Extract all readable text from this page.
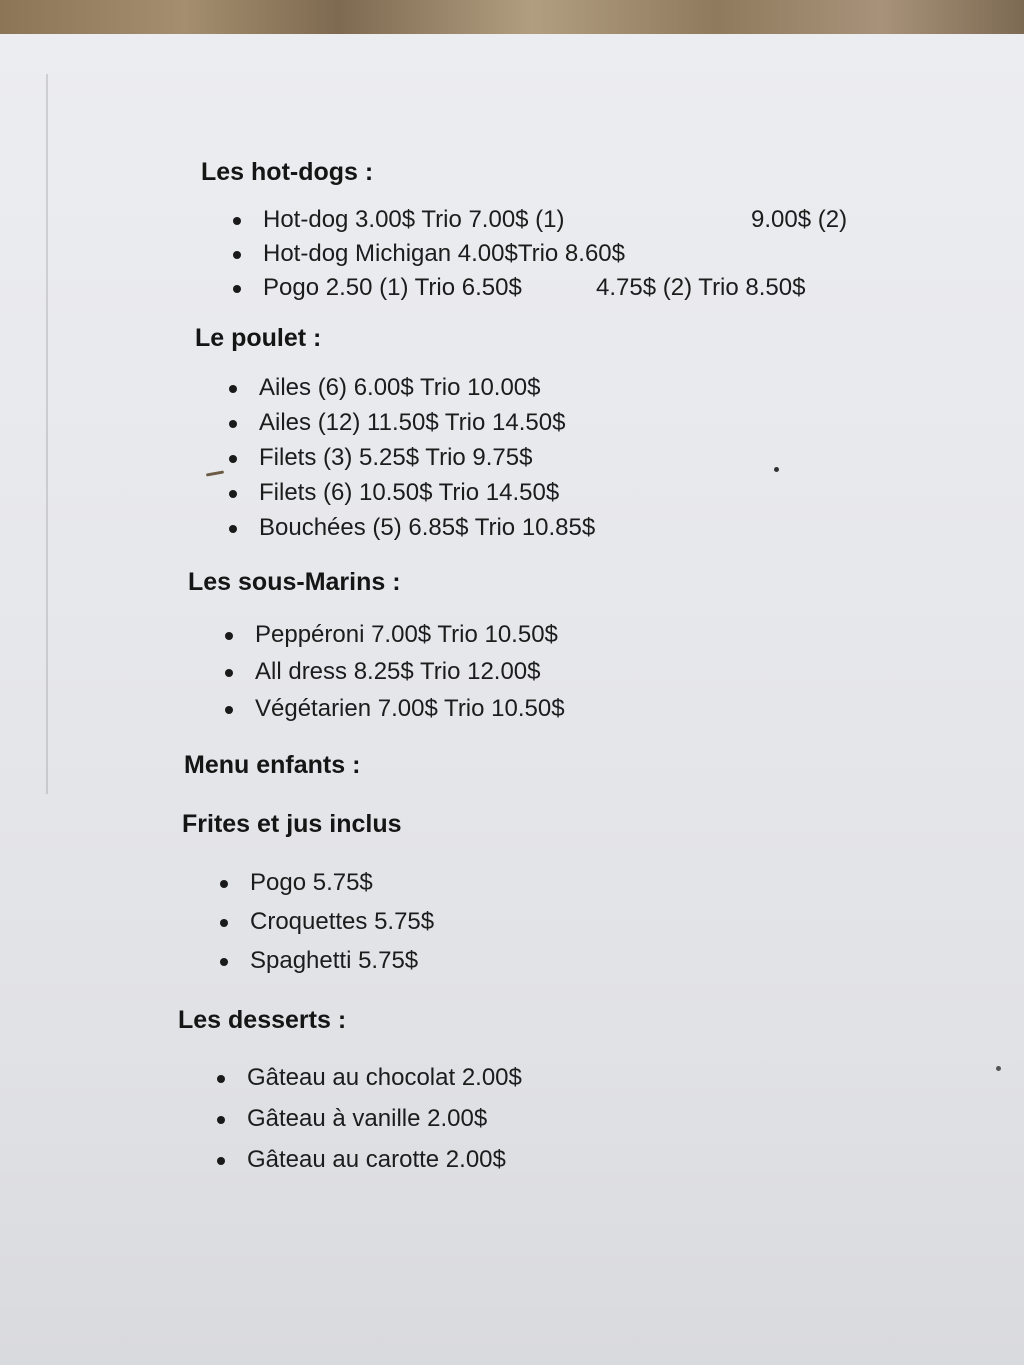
Les hot-dogs :
Hot-dog 3.00$ Trio 7.00$ (1)	9.00$ (2)
Hot-dog Michigan 4.00$Trio 8.60$
Pogo 2.50 (1) Trio 6.50$	4.75$ (2) Trio 8.50$
Le poulet :
Ailes (6) 6.00$ Trio 10.00$
Ailes (12) 11.50$ Trio 14.50$
Filets (3) 5.25$ Trio 9.75$
Filets (6) 10.50$ Trio 14.50$
Bouchées (5) 6.85$ Trio 10.85$
Les sous-Marins :
Peppéroni 7.00$ Trio 10.50$
All dress 8.25$ Trio 12.00$
Végétarien 7.00$ Trio 10.50$
Menu enfants :
Frites et jus inclus
Pogo 5.75$
Croquettes 5.75$
Spaghetti 5.75$
Les desserts :
Gâteau au chocolat 2.00$
Gâteau à vanille 2.00$
Gâteau au carotte 2.00$
